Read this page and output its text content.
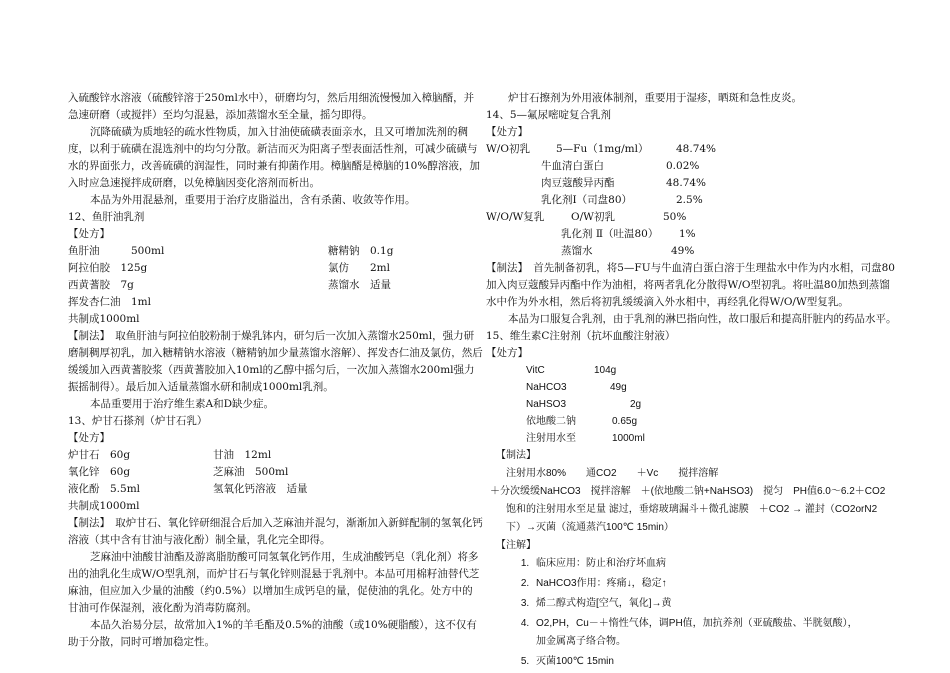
入硫酸锌水溶液（硫酸锌溶于250ml水中），研磨均匀，然后用细流慢慢加入樟脑醑，并急速研磨（或搅拌）至均匀混悬，添加蒸馏水至全量，摇匀即得。

沉降硫磺为质地轻的疏水性物质，加入甘油使硫磺表面亲水，且又可增加洗剂的稠度，以利于硫磺在混选剂中的均匀分散。新洁而灭为阳离子型表面活性剂，可减少硫磺与水的界面张力，改善硫磺的润湿性，同时兼有抑菌作用。樟脑醑是樟脑的10%醇溶液，加入时应急速搅拌成研磨，以免樟脑因变化溶剂而析出。

本品为外用混悬剂，重要用于治疗皮脂溢出，含有杀菌、收敛等作用。

12、鱼肝油乳剂

【处方】

鱼肝油　　　	500ml	糖精钠　 0.1g
阿拉伯胶　 125g	氯仿　　 2ml
西黄蓍胶　 7g	蒸馏水　 适量

挥发杏仁油　 1ml

共制成1000ml

【制法】　 取鱼肝油与阿拉伯胶粉制于燥乳钵内，研匀后一次加入蒸馏水250ml，强力研磨制稠厚初乳，加入糖精钠水溶液（糖精钠加少量蒸馏水溶解）、挥发杏仁油及氯仿，然后缓缓加入西黄蓍胶浆（西黄蓍胶加入10ml的乙醇中摇匀后，一次加入蒸馏水200ml强力振摇制得）。最后加入适量蒸馏水研和制成1000ml乳剂。

本品重要用于治疗维生素A和D缺少症。

13、炉甘石搽剂（炉甘石乳）

【处方】

炉甘石　 60g	甘油　 12ml
氧化锌　 60g	芝麻油　 500ml
液化酚　 5.5ml	氢氧化钙溶液　 适量

共制成1000ml

【制法】　 取炉甘石、氧化锌研细混合后加入芝麻油并混匀，渐渐加入新鲜配制的氢氧化钙溶液（其中含有甘油与液化酚）制全量，乳化完全即得。

芝麻油中油酸甘油酯及游离脂肪酸可同氢氧化钙作用，生成油酸钙皂（乳化剂）将多出的油乳化生成W/O型乳剂，而炉甘石与氧化锌则混悬于乳剂中。本品可用棉籽油替代芝麻油，但应加入少量的油酸（约0.5%）以增加生成钙皂的量，促使油的乳化。处方中的甘油可作保湿剂，液化酚为消毒防腐剂。

本品久治易分层，故常加入1%的羊毛酯及0.5%的油酸（或10%硬脂酸），这不仅有助于分散，同时可增加稳定性。

炉甘石擦剂为外用液体制剂，重要用于湿疹，晒斑和急性皮炎。

14、5—氟尿嘧啶复合乳剂

【处方】

W/O初乳	5—Fu（1mg/ml）	48.74%
牛血清白蛋白	0.02%
肉豆蔻酸异丙酯	48.74%
乳化剂Ⅰ（司盘80）	2.5%
W/O/W复乳	O/W初乳	50%
乳化剂 Ⅱ（吐温80）	1%
蒸馏水	49%

【制法】　 首先制备初乳，将5—FU与牛血清白蛋白溶于生理盐水中作为内水相，司盘80加入肉豆蔻酸异丙酯中作为油相，将两者乳化分散得W/O型初乳。将吐温80加热到蒸馏水中作为外水相，然后将初乳缓缓滴入外水相中，再经乳化得W/O/W型复乳。

本品为口服复合乳剂，由于乳剂的淋巴指向性，故口服后和提高肝脏内的药品水平。

15、维生素C注射剂（抗坏血酸注射液）

【处方】

VitC	104g
NaHCO3	49g
NaHSO3	2g
依地酸二钠	0.65g
注射用水至	1000ml

【制法】

注射用水80%　　通CO2　　＋Vc　　搅拌溶解

＋分次缓缓NaHCO3　搅拌溶解　＋(依地酸二钠+NaHSO3)　搅匀　PH值6.0～6.2＋CO2

饱和的注射用水至足量 滤过，垂熔玻璃漏斗＋微孔滤膜　＋CO2 → 灌封（CO2orN2

下）→灭菌（流通蒸汽100℃ 15min）

【注解】

1. 临床应用：防止和治疗坏血病
2. NaHCO3作用：疼痛↓，稳定↑
3. 烯二醇式构造[空气，氧化]→黄
4. O2,PH，Cu－＋惰性气体，调PH值，加抗养剂（亚硫酸盐、半胱氨酸），加金属离子络合物。
5. 灭菌100℃ 15min
